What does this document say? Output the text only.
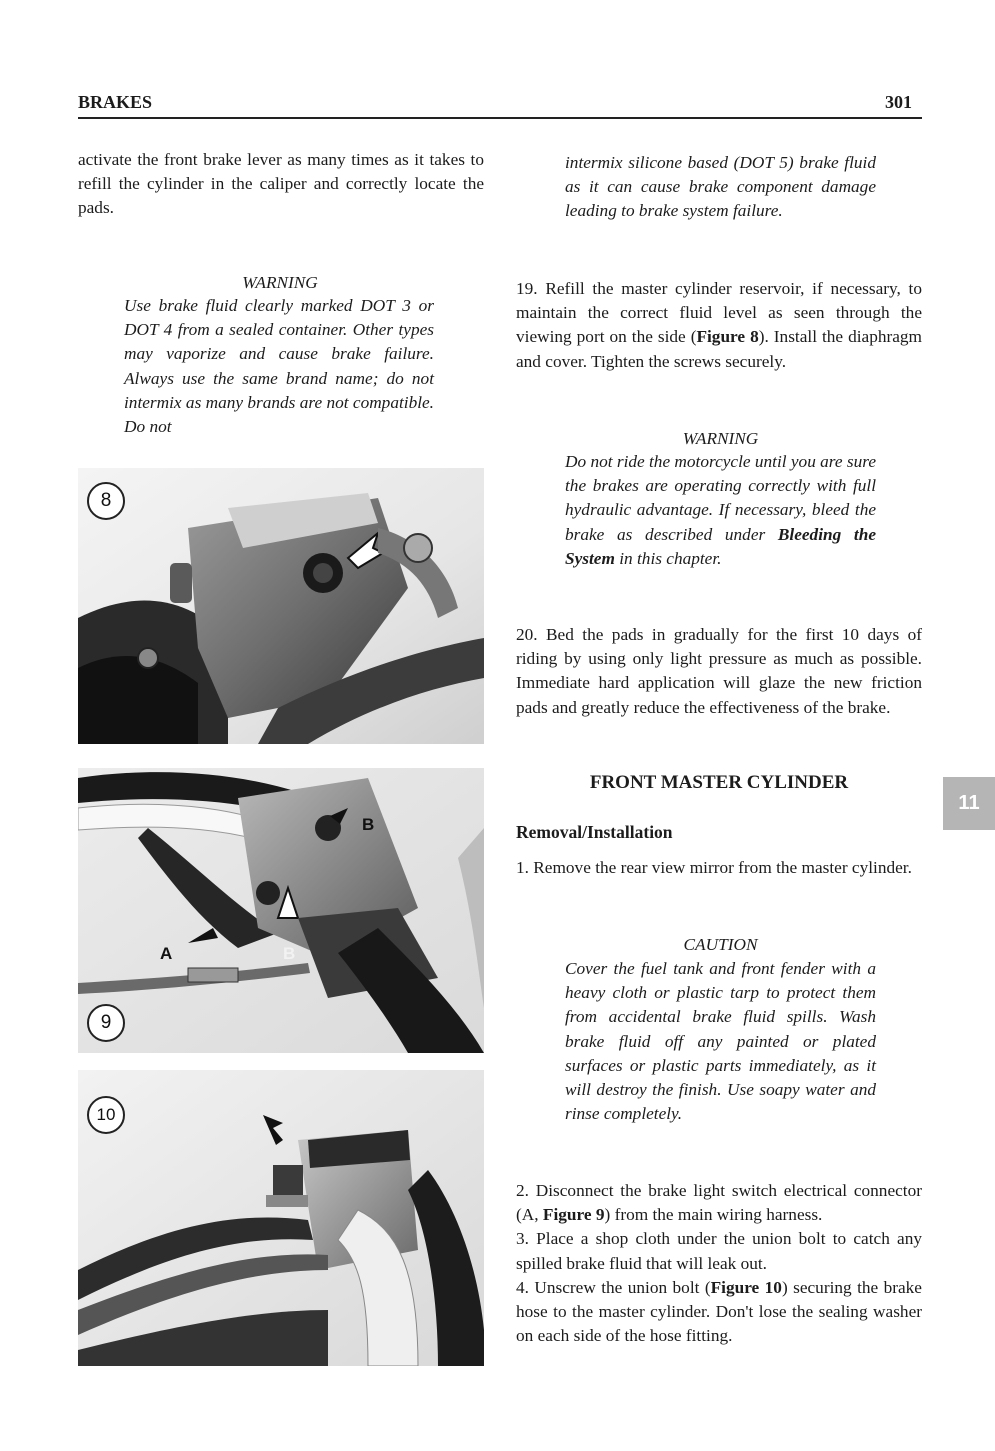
BRAKES	301
activate the front brake lever as many times as it takes to refill the cylinder in the caliper and correctly locate the pads.
WARNING
Use brake fluid clearly marked DOT 3 or DOT 4 from a sealed container. Other types may vaporize and cause brake failure. Always use the same brand name; do not intermix as many brands are not compatible. Do not
8
9
B
A	B
10
intermix silicone based (DOT 5) brake fluid as it can cause brake component damage leading to brake system failure.
19. Refill the master cylinder reservoir, if necessary, to maintain the correct fluid level as seen through the viewing port on the side (Figure 8). Install the diaphragm and cover. Tighten the screws securely.
WARNING
Do not ride the motorcycle until you are sure the brakes are operating correctly with full hydraulic advantage. If necessary, bleed the brake as described under Bleeding the System in this chapter.
20. Bed the pads in gradually for the first 10 days of riding by using only light pressure as much as possible. Immediate hard application will glaze the new friction pads and greatly reduce the effectiveness of the brake.
FRONT MASTER CYLINDER
Removal/Installation
1. Remove the rear view mirror from the master cylinder.
CAUTION
Cover the fuel tank and front fender with a heavy cloth or plastic tarp to protect them from accidental brake fluid spills. Wash brake fluid off any painted or plated surfaces or plastic parts immediately, as it will destroy the finish. Use soapy water and rinse completely.

2. Disconnect the brake light switch electrical connector (A, Figure 9) from the main wiring harness.

3. Place a shop cloth under the union bolt to catch any spilled brake fluid that will leak out.

4. Unscrew the union bolt (Figure 10) securing the brake hose to the master cylinder. Don't lose the sealing washer on each side of the hose fitting.

11
